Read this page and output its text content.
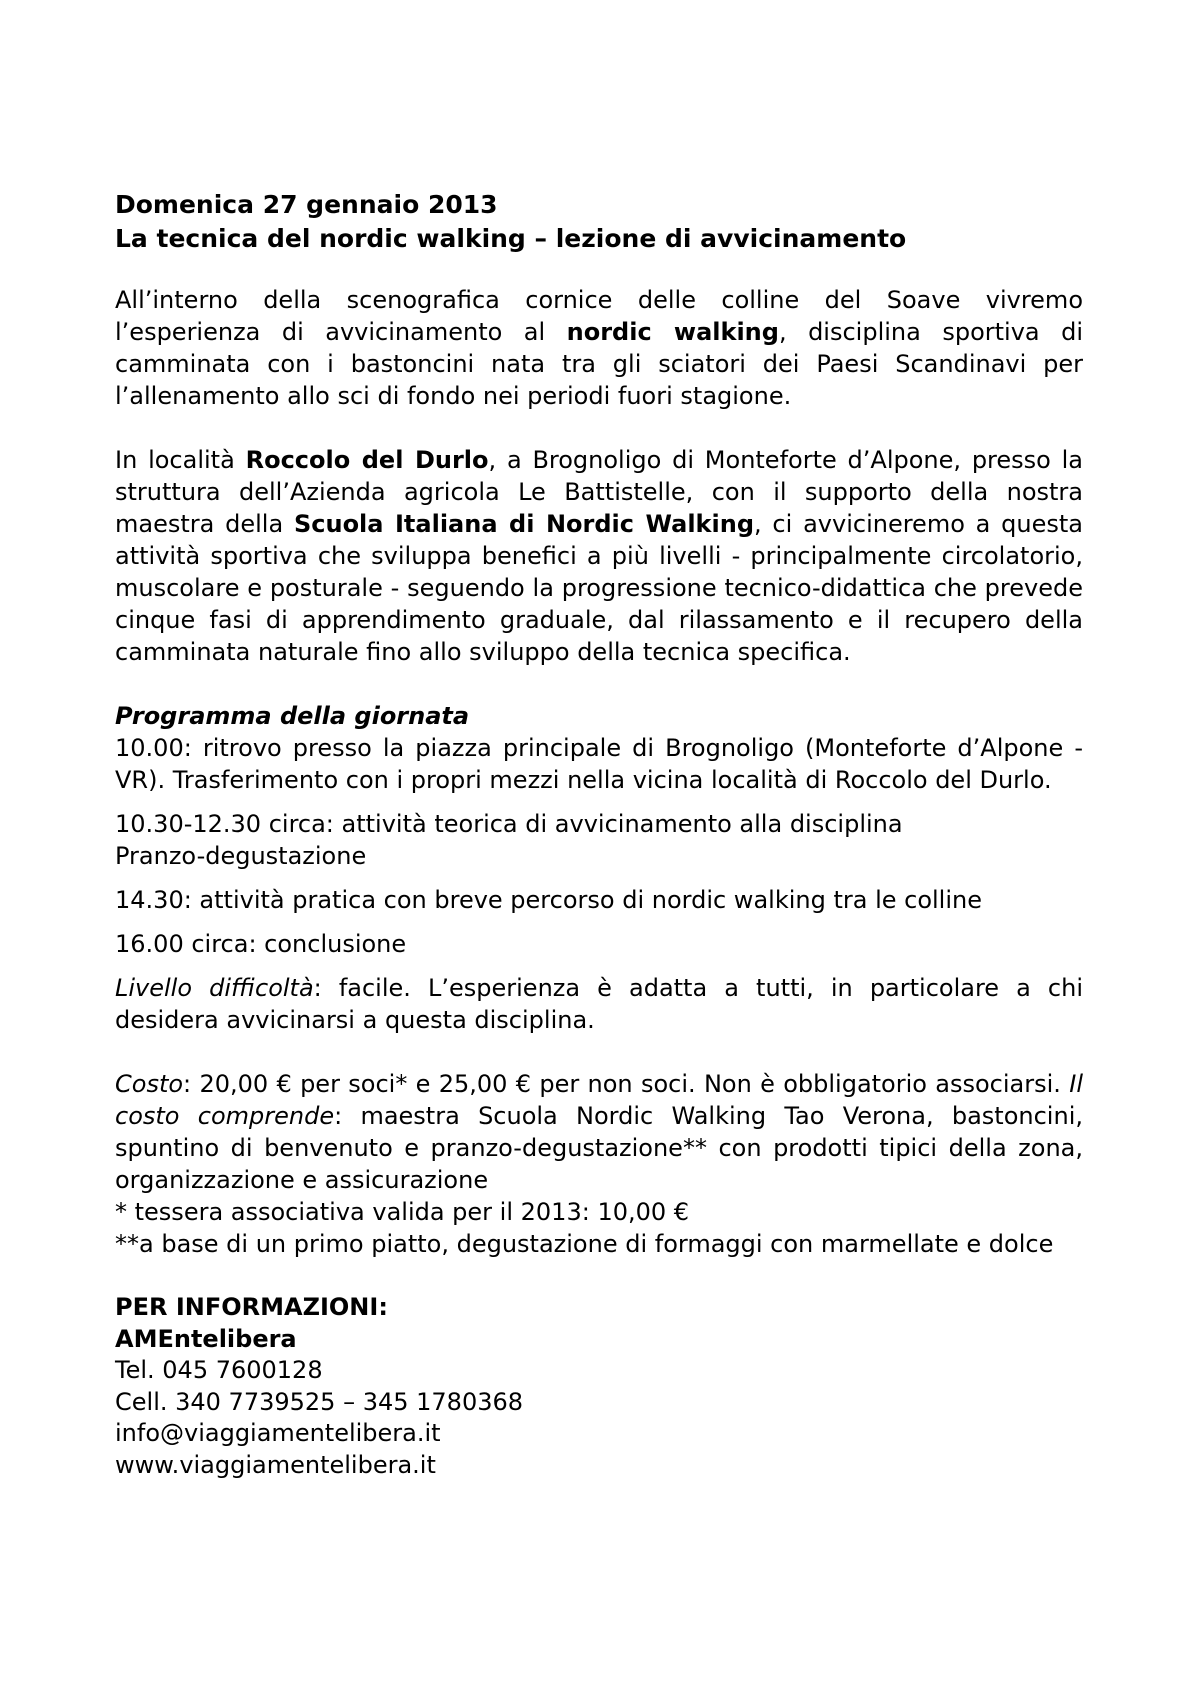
Domenica 27 gennaio 2013
La tecnica del nordic walking – lezione di avvicinamento

All’interno della scenografica cornice delle colline del Soave vivremo l’esperienza di avvicinamento al nordic walking, disciplina sportiva di camminata con i bastoncini nata tra gli sciatori dei Paesi Scandinavi per l’allenamento allo sci di fondo nei periodi fuori stagione.

In località Roccolo del Durlo, a Brognoligo di Monteforte d’Alpone, presso la struttura dell’Azienda agricola Le Battistelle, con il supporto della nostra maestra della Scuola Italiana di Nordic Walking, ci avvicineremo a questa attività sportiva che sviluppa benefici a più livelli - principalmente circolatorio, muscolare e posturale - seguendo la progressione tecnico-didattica che prevede cinque fasi di apprendimento graduale, dal rilassamento e il recupero della camminata naturale fino allo sviluppo della tecnica specifica.

Programma della giornata

10.00: ritrovo presso la piazza principale di Brognoligo (Monteforte d’Alpone - VR). Trasferimento con i propri mezzi nella vicina località di Roccolo del Durlo.

10.30-12.30 circa: attività teorica di avvicinamento alla disciplina

Pranzo-degustazione

14.30: attività pratica con breve percorso di nordic walking tra le colline

16.00 circa: conclusione

Livello difficoltà: facile. L’esperienza è adatta a tutti, in particolare a chi desidera avvicinarsi a questa disciplina.

Costo: 20,00 € per soci* e 25,00 € per non soci. Non è obbligatorio associarsi. Il costo comprende: maestra Scuola Nordic Walking Tao Verona, bastoncini, spuntino di benvenuto e pranzo-degustazione** con prodotti tipici della zona, organizzazione e assicurazione

* tessera associativa valida per il 2013: 10,00 €

**a base di un primo piatto, degustazione di formaggi con marmellate e dolce

PER INFORMAZIONI:

AMEntelibera

Tel. 045 7600128

Cell. 340 7739525 – 345 1780368

info@viaggiamentelibera.it

www.viaggiamentelibera.it
